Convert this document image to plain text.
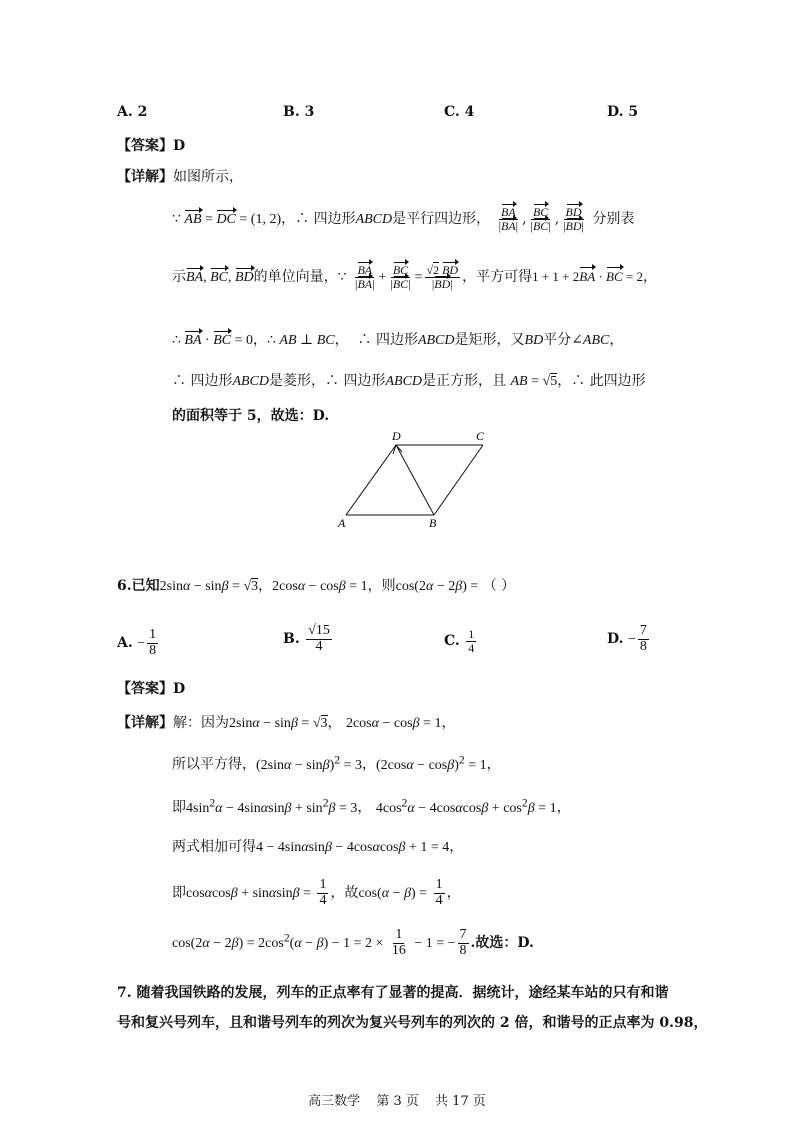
A. 2	B. 3	C. 4	D. 5
【答案】D
【详解】如图所示，
∵ AB = DC = (1, 2)，∴ 四边形ABCD是平行四边形， $\frac{BA}{|BA|}$ , $\frac{BC}{|BC|}$ , $\frac{BD}{|BD|}$ 分别表
示BA, BC, BD的单位向量，∵ $\frac{BA}{|BA|} + \frac{BC}{|BC|} = \frac{√2 BD}{|BD|}$ ，平方可得1 + 1 + 2BA · BC = 2，
∴ BA · BC = 0，∴ AB ⊥ BC，  ∴ 四边形ABCD是矩形，又BD平分∠ABC，
∴ 四边形ABCD是菱形，∴ 四边形ABCD是正方形，且 AB = √5，∴ 此四边形
的面积等于 5，故选：D.
D	C
A	B
6.已知2sinα − sinβ = √3，2cosα − cosβ = 1，则cos(2α − 2β) = （ ）
A. − $\frac{1}{8}$	B. $\frac{√15}{4}$	C. $\frac{1}{4}$	D. − $\frac{7}{8}$
【答案】D
【详解】解：因为2sinα − sinβ = √3， 2cosα − cosβ = 1，
所以平方得，$(2\sin\alpha - \sin\beta)^2 = 3$，$(2\cos\alpha - \cos\beta)^2 = 1$，
即$4\sin^2\alpha - 4\sin\alpha\sin\beta + \sin^2\beta = 3$， $4\cos^2\alpha - 4\cos\alpha\cos\beta + \cos^2\beta = 1$，
两式相加可得4 − 4sinαsinβ − 4cosαcosβ + 1 = 4，
即$\cos\alpha\cos\beta + \sin\alpha\sin\beta = \frac{1}{4}$ ，故$\cos(\alpha - \beta) = \frac{1}{4}$ ，
$\cos(2\alpha - 2\beta) = 2\cos^2(\alpha - \beta) - 1 = 2 \times \frac{1}{16} - 1$ = − $\frac{7}{8}$ .故选：D.
7. 随着我国铁路的发展，列车的正点率有了显著的提高．据统计，途经某车站的只有和谐
号和复兴号列车，且和谐号列车的列次为复兴号列车的列次的 2 倍，和谐号的正点率为 0.98，
高三数学 第 3 页 共 17 页
